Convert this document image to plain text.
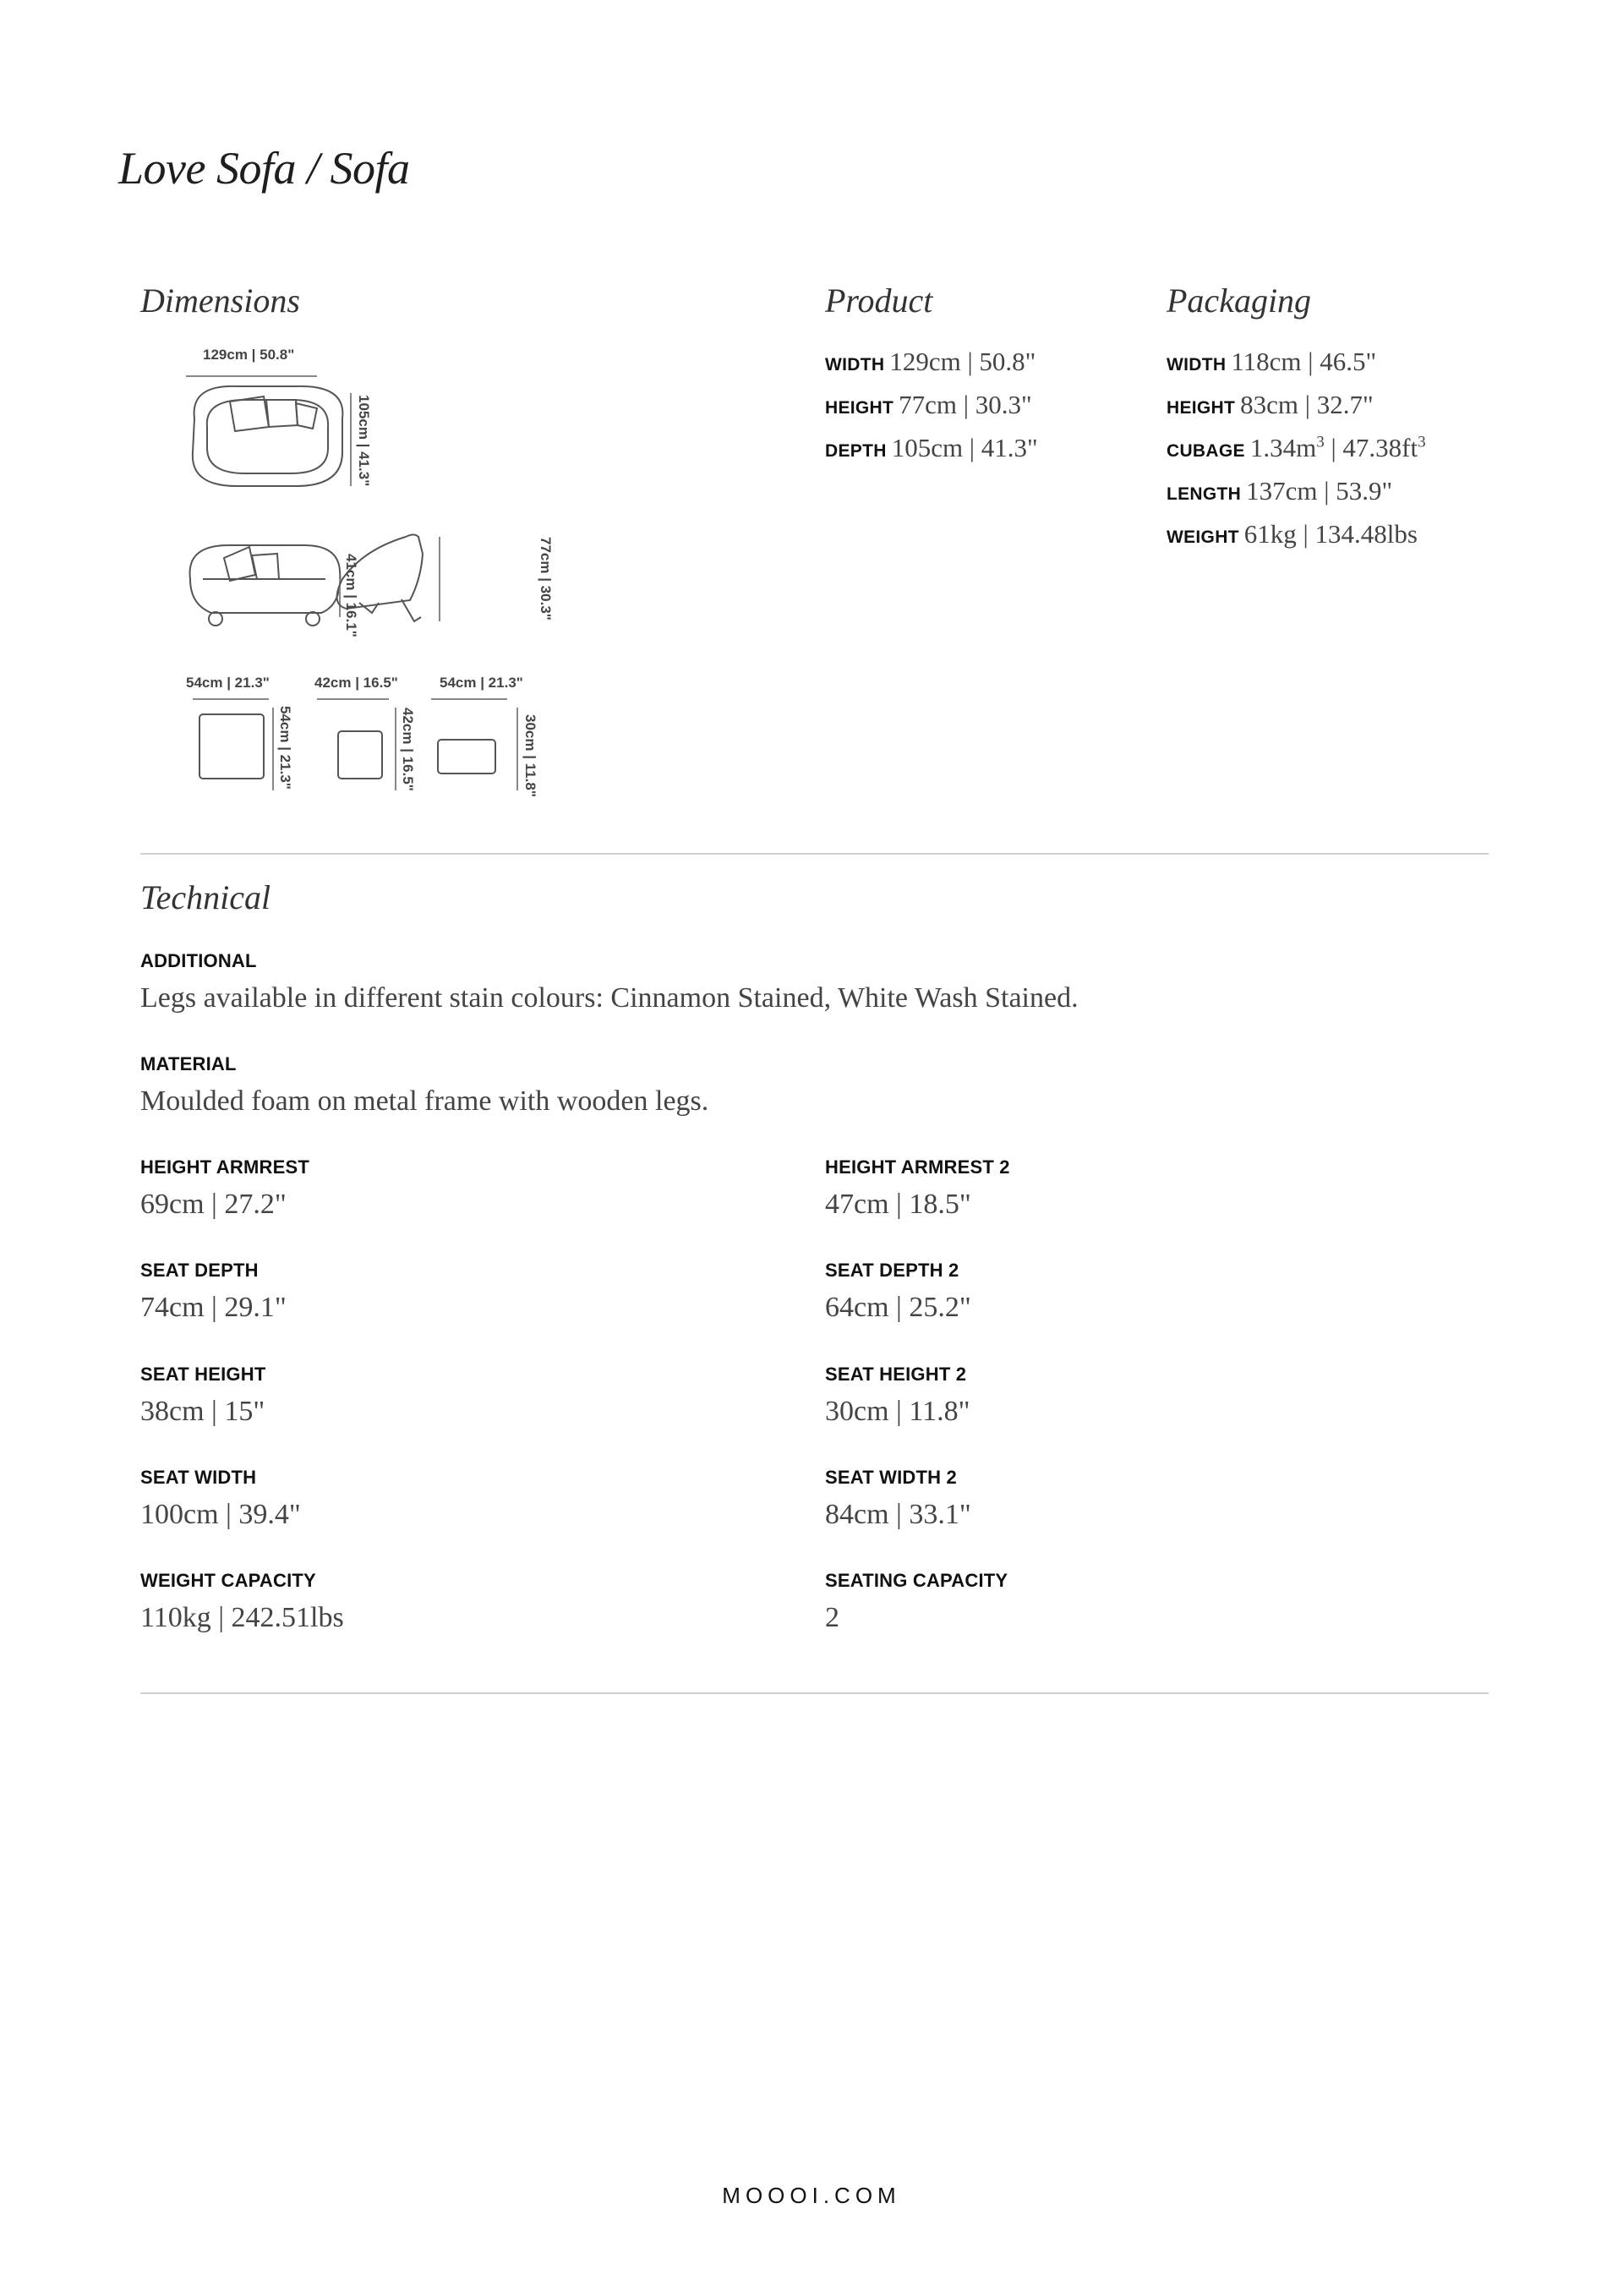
Love Sofa / Sofa
Dimensions	Product	Packaging
129cm | 50.8"
105cm | 41.3"
41cm | 16.1"	77cm | 30.3"
54cm | 21.3"
54cm | 21.3"
42cm | 16.5"
42cm | 16.5"
54cm | 21.3"
30cm | 11.8"
WIDTH 129cm | 50.8"
HEIGHT 77cm | 30.3"
DEPTH 105cm | 41.3"
WIDTH 118cm | 46.5"
HEIGHT 83cm | 32.7"
CUBAGE $1.34m^3$ | $47.38ft^3$
LENGTH 137cm | 53.9"
WEIGHT 61kg | 134.48lbs
Technical
ADDITIONAL
Legs available in different stain colours: Cinnamon Stained, White Wash Stained.
MATERIAL
Moulded foam on metal frame with wooden legs.
HEIGHT ARMREST
69cm | 27.2"
HEIGHT ARMREST 2
47cm | 18.5"
SEAT DEPTH
74cm | 29.1"
SEAT DEPTH 2
64cm | 25.2"
SEAT HEIGHT
38cm | 15"
SEAT HEIGHT 2
30cm | 11.8"
SEAT WIDTH
100cm | 39.4"
SEAT WIDTH 2
84cm | 33.1"
WEIGHT CAPACITY
110kg | 242.51lbs
SEATING CAPACITY
2
MOOOI.COM
